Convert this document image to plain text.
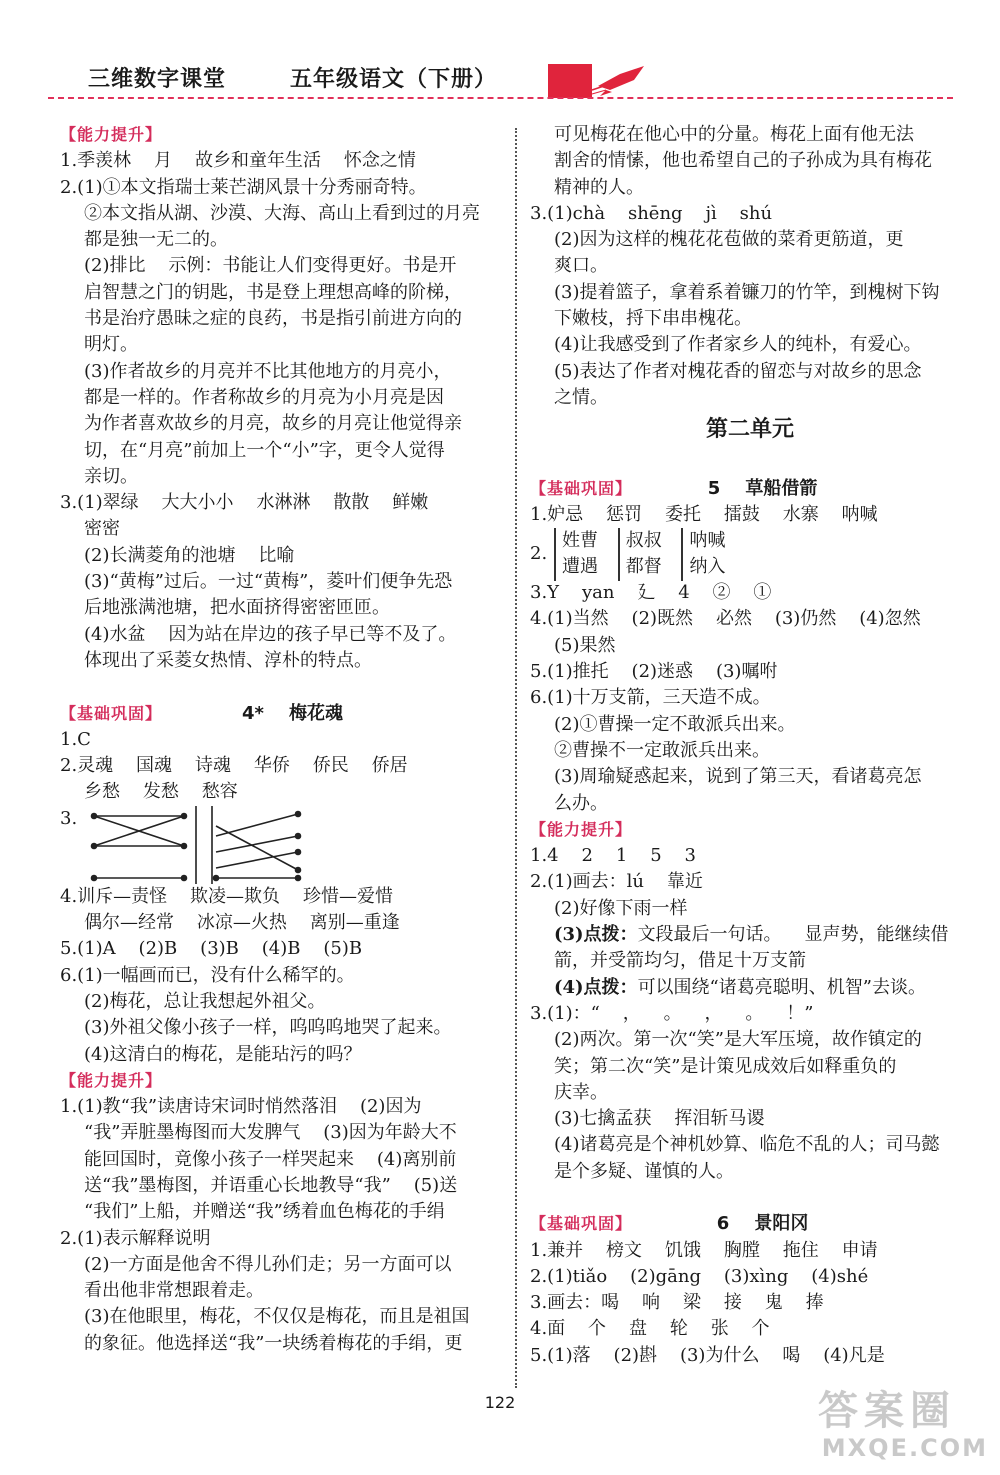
三维数字课堂	五年级语文（下册）
【能力提升】
1.季羡林    月    故乡和童年生活    怀念之情
2.(1)①本文指瑞士莱芒湖风景十分秀丽奇特。
②本文指从湖、沙漠、大海、高山上看到过的月亮
都是独一无二的。
(2)排比    示例：书能让人们变得更好。书是开
启智慧之门的钥匙，书是登上理想高峰的阶梯，
书是治疗愚昧之症的良药，书是指引前进方向的
明灯。
(3)作者故乡的月亮并不比其他地方的月亮小，
都是一样的。作者称故乡的月亮为小月亮是因
为作者喜欢故乡的月亮，故乡的月亮让他觉得亲
切，在“月亮”前加上一个“小”字，更令人觉得
亲切。
3.(1)翠绿    大大小小    水淋淋    散散    鲜嫩
密密
(2)长满菱角的池塘    比喻
(3)“黄梅”过后。一过“黄梅”，菱叶们便争先恐
后地涨满池塘，把水面挤得密密匝匝。
(4)水盆    因为站在岸边的孩子早已等不及了。
体现出了采菱女热情、淳朴的特点。

4* 梅花魂

【基础巩固】
1.C
2.灵魂    国魂    诗魂    华侨    侨民    侨居
乡愁    发愁    愁容
3.
4.训斥—责怪    欺凌—欺负    珍惜—爱惜
偶尔—经常    冰凉—火热    离别—重逢
5.(1)A    (2)B    (3)B    (4)B    (5)B
6.(1)一幅画而已，没有什么稀罕的。
(2)梅花，总让我想起外祖父。
(3)外祖父像小孩子一样，呜呜呜地哭了起来。
(4)这清白的梅花，是能玷污的吗？
【能力提升】
1.(1)教“我”读唐诗宋词时悄然落泪    (2)因为
“我”弄脏墨梅图而大发脾气    (3)因为年龄大不
能回国时，竟像小孩子一样哭起来    (4)离别前
送“我”墨梅图，并语重心长地教导“我”    (5)送
“我们”上船，并赠送“我”绣着血色梅花的手绢
2.(1)表示解释说明
(2)一方面是他舍不得儿孙们走；另一方面可以
看出他非常想跟着走。
(3)在他眼里，梅花，不仅仅是梅花，而且是祖国
的象征。他选择送“我”一块绣着梅花的手绢，更
可见梅花在他心中的分量。梅花上面有他无法
割舍的情愫，他也希望自己的子孙成为具有梅花
精神的人。
3.(1)chà    shēng    jì    shú
(2)因为这样的槐花花苞做的菜肴更筋道，更
爽口。
(3)提着篮子，拿着系着镰刀的竹竿，到槐树下钩
下嫩枝，捋下串串槐花。
(4)让我感受到了作者家乡人的纯朴，有爱心。
(5)表达了作者对槐花香的留恋与对故乡的思念
之情。
第二单元

5 草船借箭

【基础巩固】
1.妒忌    惩罚    委托    擂鼓    水寨    呐喊
2.
姓曹
遭遇

叔叔
都督

呐喊
纳入
3.Y    yan    廴    4    ②    ①
4.(1)当然    (2)既然    必然    (3)仍然    (4)忽然
(5)果然
5.(1)推托    (2)迷惑    (3)嘱咐
6.(1)十万支箭，三天造不成。
(2)①曹操一定不敢派兵出来。
②曹操不一定敢派兵出来。
(3)周瑜疑惑起来，说到了第三天，看诸葛亮怎
么办。
【能力提升】
1.4    2    1    5    3
2.(1)画去：lú    靠近
(2)好像下雨一样
(3)点拨：文段最后一句话。    显声势，能继续借
箭，并受箭均匀，借足十万支箭
(4)点拨：可以围绕“诸葛亮聪明、机智”去谈。
3.(1)：“    ，    。    ，    。    ！”
(2)两次。第一次“笑”是大军压境，故作镇定的
笑；第二次“笑”是计策见成效后如释重负的
庆幸。
(3)七擒孟获    挥泪斩马谡
(4)诸葛亮是个神机妙算、临危不乱的人；司马懿
是个多疑、谨慎的人。

6 景阳冈

【基础巩固】
1.兼并    榜文    饥饿    胸膛    拖住    申请
2.(1)tiǎo    (2)gāng    (3)xìng    (4)shé
3.画去：喝    响    梁    接    鬼    捧
4.面    个    盘    轮    张    个
5.(1)落    (2)斟    (3)为什么    喝    (4)凡是
122	答案圈
MXQE.COM
